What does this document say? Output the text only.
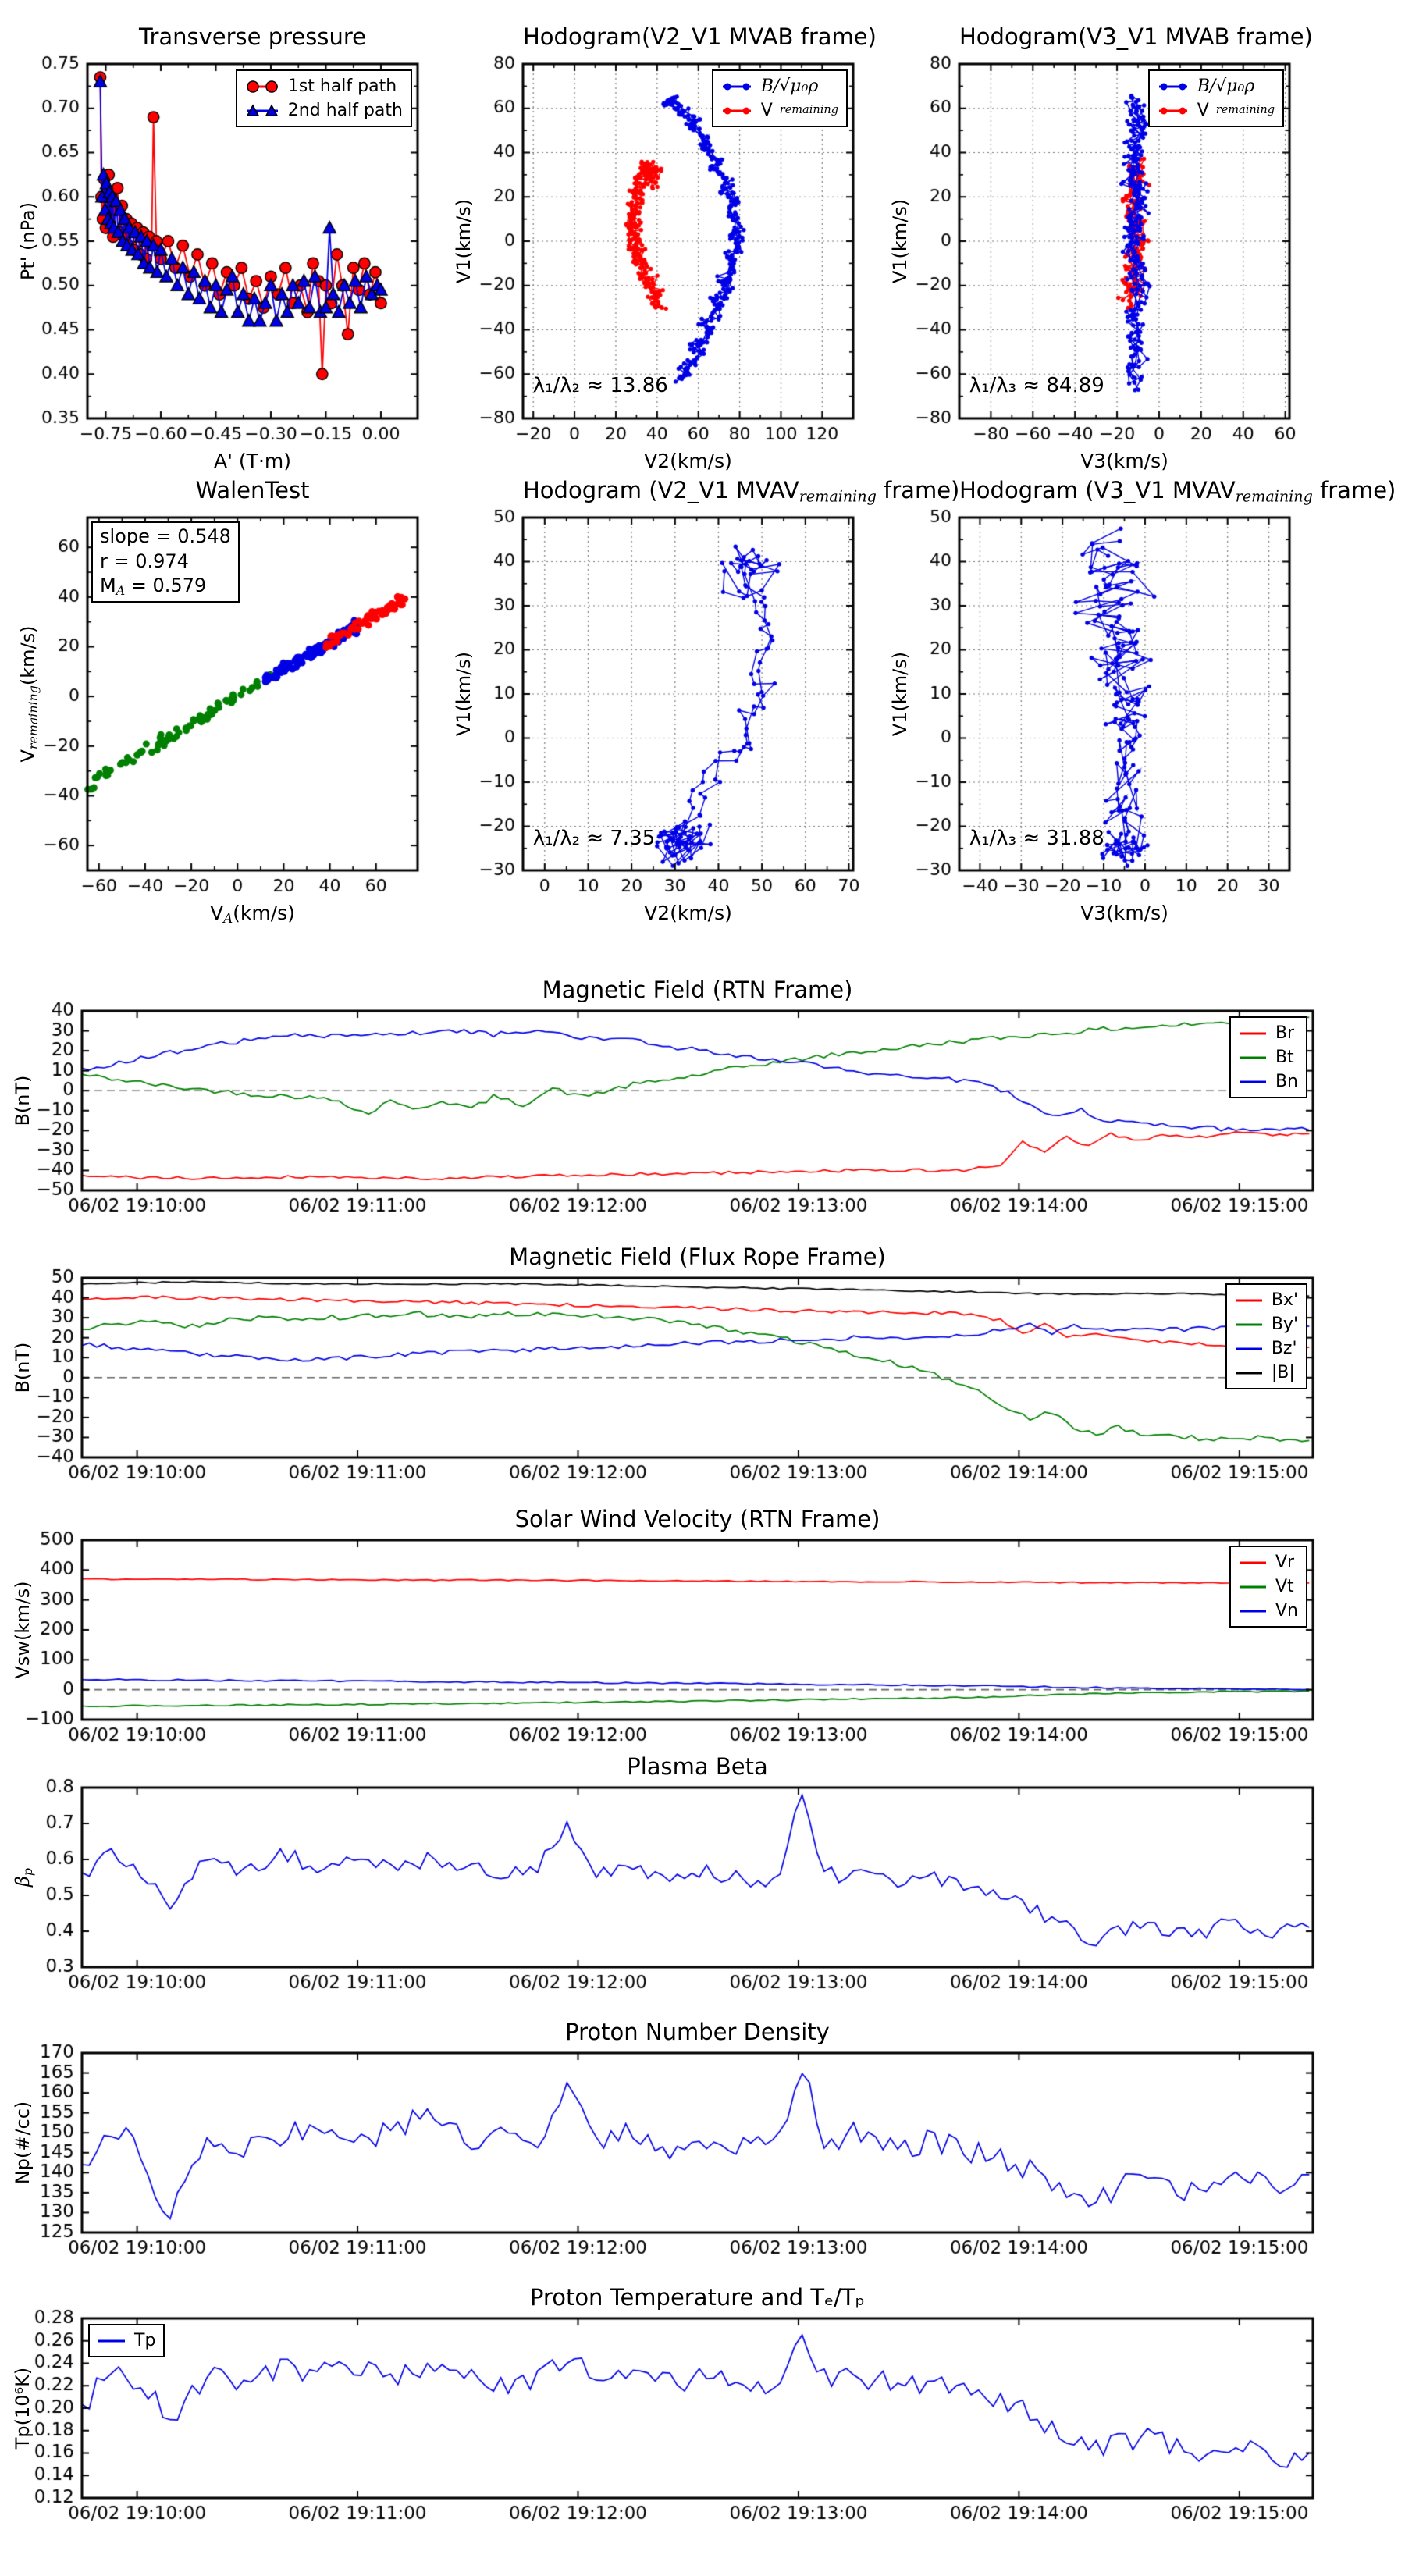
Transverse pressure
Pt' (nPa)
A' (T·m)
1st half path
2nd half path
Hodogram(V2_V1 MVAB frame)
V1(km/s)
V2(km/s)
B/√μ₀ρ
V remaining
λ₁/λ₂ ≈ 13.86
Hodogram(V3_V1 MVAB frame)
V1(km/s)
V3(km/s)
B/√μ₀ρ
V remaining
λ₁/λ₃ ≈ 84.89
WalenTest
Vremaining(km/s)
VA(km/s)
slope = 0.548
r = 0.974
MA = 0.579
Hodogram (V2_V1 MVAVremaining frame)
V1(km/s)
V2(km/s)
λ₁/λ₂ ≈ 7.35
Hodogram (V3_V1 MVAVremaining frame)
V1(km/s)
V3(km/s)
λ₁/λ₃ ≈ 31.88
Magnetic Field (RTN Frame)
B(nT)
Br
Bt
Bn
Magnetic Field (Flux Rope Frame)
B(nT)
Bx'
By'
Bz'
|B|
Solar Wind Velocity (RTN Frame)
Vsw(km/s)
Vr
Vt
Vn
Plasma Beta
βp
Proton Number Density
Np(#/cc)
Proton Temperature and Tₑ/Tₚ
Tp(10⁶K)
Tp
